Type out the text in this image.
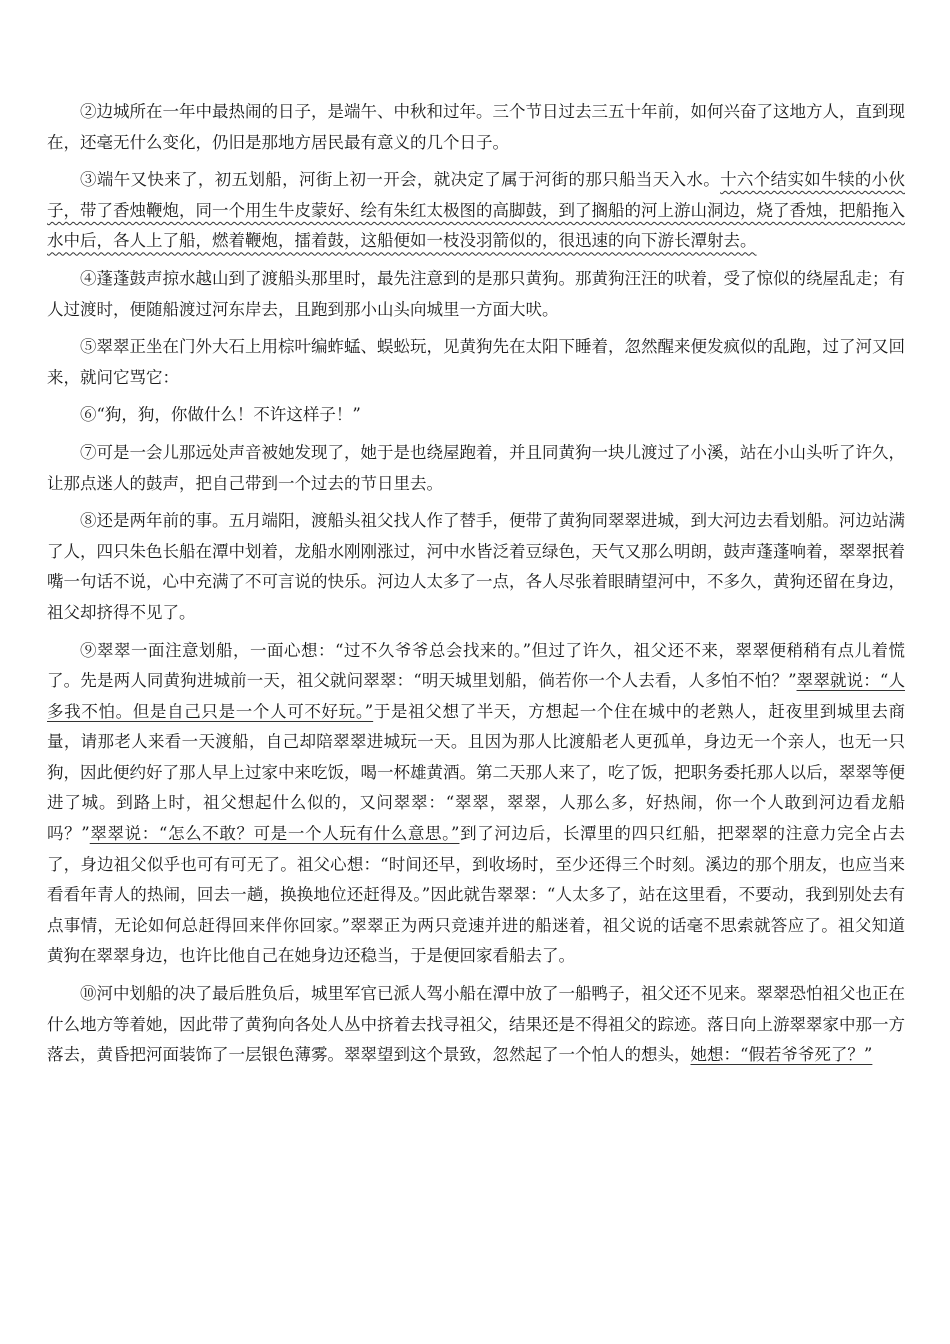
②边城所在一年中最热闹的日子，是端午、中秋和过年。三个节日过去三五十年前，如何兴奋了这地方人，直到现在，还毫无什么变化，仍旧是那地方居民最有意义的几个日子。

③端午又快来了，初五划船，河街上初一开会，就决定了属于河街的那只船当天入水。十六个结实如牛犊的小伙子，带了香烛鞭炮，同一个用生牛皮蒙好、绘有朱红太极图的高脚鼓，到了搁船的河上游山洞边，烧了香烛，把船拖入水中后，各人上了船，燃着鞭炮，擂着鼓，这船便如一枝没羽箭似的，很迅速的向下游长潭射去。

④蓬蓬鼓声掠水越山到了渡船头那里时，最先注意到的是那只黄狗。那黄狗汪汪的吠着，受了惊似的绕屋乱走；有人过渡时，便随船渡过河东岸去，且跑到那小山头向城里一方面大吠。

⑤翠翠正坐在门外大石上用棕叶编蚱蜢、蜈蚣玩，见黄狗先在太阳下睡着，忽然醒来便发疯似的乱跑，过了河又回来，就问它骂它：

⑥“狗，狗，你做什么！不许这样子！”

⑦可是一会儿那远处声音被她发现了，她于是也绕屋跑着，并且同黄狗一块儿渡过了小溪，站在小山头听了许久，让那点迷人的鼓声，把自己带到一个过去的节日里去。

⑧还是两年前的事。五月端阳，渡船头祖父找人作了替手，便带了黄狗同翠翠进城，到大河边去看划船。河边站满了人，四只朱色长船在潭中划着，龙船水刚刚涨过，河中水皆泛着豆绿色，天气又那么明朗，鼓声蓬蓬响着，翠翠抿着嘴一句话不说，心中充满了不可言说的快乐。河边人太多了一点，各人尽张着眼睛望河中，不多久，黄狗还留在身边，祖父却挤得不见了。

⑨翠翠一面注意划船，一面心想：“过不久爷爷总会找来的。”但过了许久，祖父还不来，翠翠便稍稍有点儿着慌了。先是两人同黄狗进城前一天，祖父就问翠翠：“明天城里划船，倘若你一个人去看，人多怕不怕？”翠翠就说：“人多我不怕。但是自己只是一个人可不好玩。”于是祖父想了半天，方想起一个住在城中的老熟人，赶夜里到城里去商量，请那老人来看一天渡船，自己却陪翠翠进城玩一天。且因为那人比渡船老人更孤单，身边无一个亲人，也无一只狗，因此便约好了那人早上过家中来吃饭，喝一杯雄黄酒。第二天那人来了，吃了饭，把职务委托那人以后，翠翠等便进了城。到路上时，祖父想起什么似的，又问翠翠：“翠翠，翠翠，人那么多，好热闹，你一个人敢到河边看龙船吗？”翠翠说：“怎么不敢？可是一个人玩有什么意思。”到了河边后，长潭里的四只红船，把翠翠的注意力完全占去了，身边祖父似乎也可有可无了。祖父心想：“时间还早，到收场时，至少还得三个时刻。溪边的那个朋友，也应当来看看年青人的热闹，回去一趟，换换地位还赶得及。”因此就告翠翠：“人太多了，站在这里看，不要动，我到别处去有点事情，无论如何总赶得回来伴你回家。”翠翠正为两只竞速并进的船迷着，祖父说的话毫不思索就答应了。祖父知道黄狗在翠翠身边，也许比他自己在她身边还稳当，于是便回家看船去了。

⑩河中划船的决了最后胜负后，城里军官已派人驾小船在潭中放了一船鸭子，祖父还不见来。翠翠恐怕祖父也正在什么地方等着她，因此带了黄狗向各处人丛中挤着去找寻祖父，结果还是不得祖父的踪迹。落日向上游翠翠家中那一方落去，黄昏把河面装饰了一层银色薄雾。翠翠望到这个景致，忽然起了一个怕人的想头，她想：“假若爷爷死了？”
